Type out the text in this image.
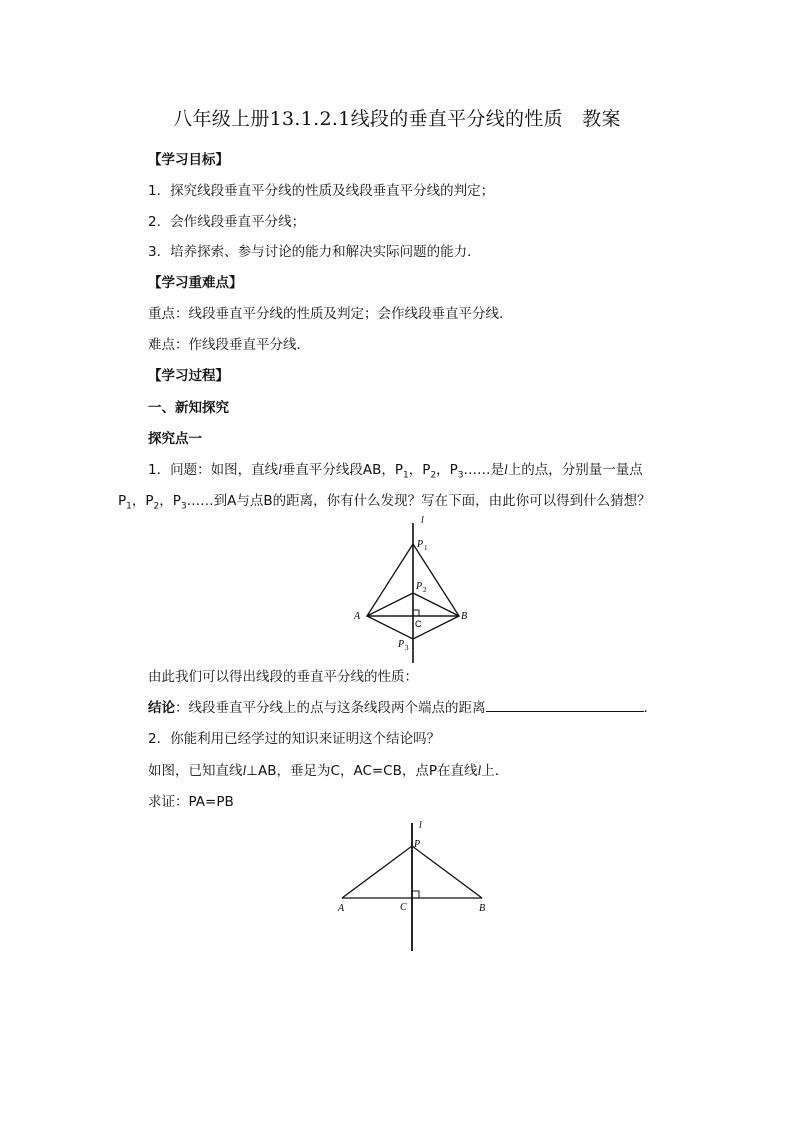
八年级上册13.1.2.1线段的垂直平分线的性质　教案
【学习目标】
1．探究线段垂直平分线的性质及线段垂直平分线的判定；
2．会作线段垂直平分线；
3．培养探索、参与讨论的能力和解决实际问题的能力．
【学习重难点】
重点：线段垂直平分线的性质及判定；会作线段垂直平分线．
难点：作线段垂直平分线．
【学习过程】
一、新知探究
探究点一
1．问题：如图，直线l垂直平分线段AB，$P_1$，$P_2$，$P_3\dots\dots$是l上的点，分别量一量点
$P_1$，$P_2$，$P_3\dots\dots$到A与点B的距离，你有什么发现？写在下面，由此你可以得到什么猜想？
l
A	B
C
P 1
P 2
P 3
由此我们可以得出线段的垂直平分线的性质：
结论：线段垂直平分线上的点与这条线段两个端点的距离	．
2．你能利用已经学过的知识来证明这个结论吗？
如图，已知直线l⊥AB，垂足为C，AC=CB，点P在直线l上．
求证：PA=PB
l
P
A	C	B
